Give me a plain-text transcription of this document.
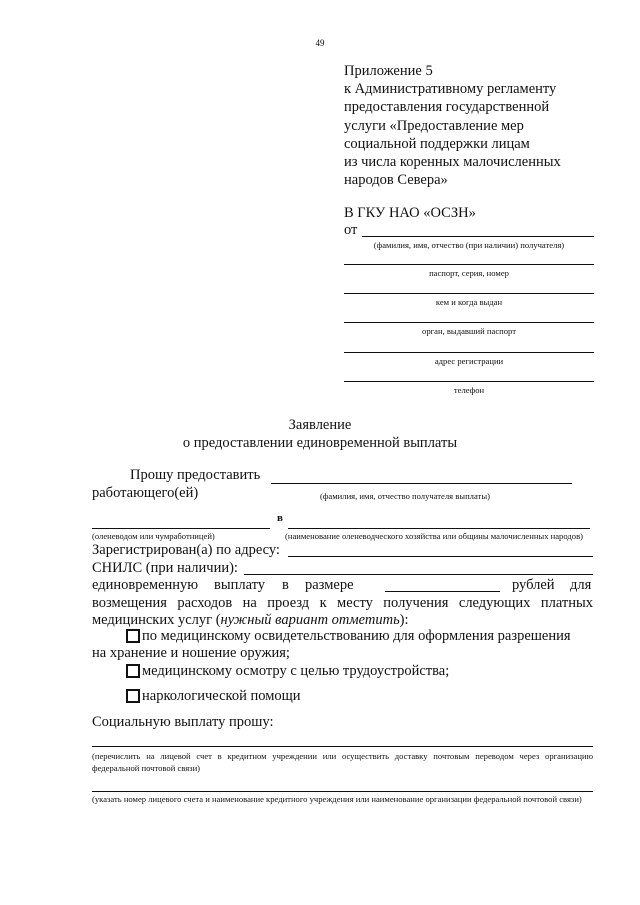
49
Приложение 5
к Административному регламенту
предоставления государственной
услуги «Предоставление мер
социальной поддержки лицам
из числа коренных малочисленных
народов Севера»
В ГКУ НАО «ОСЗН»
от
(фамилия, имя, отчество (при наличии) получателя)
паспорт, серия, номер
кем и когда выдан
орган, выдавший паспорт
адрес регистрации
телефон
Заявление
о предоставлении единовременной выплаты
Прошу предоставить
работающего(ей)	(фамилия, имя, отчество получателя выплаты)
в
(оленеводом или чумработницей)	(наименование оленеводческого хозяйства или общины малочисленных народов)
Зарегистрирован(а) по адресу:
СНИЛС (при наличии):
единовременную выплату в размере	рублей для
возмещения расходов на проезд к месту получения следующих платных
медицинских услуг (нужный вариант отметить):
по медицинскому освидетельствованию для оформления разрешения
на хранение и ношение оружия;
медицинскому осмотру с целью трудоустройства;
наркологической помощи
Социальную выплату прошу:
(перечислить на лицевой счет в кредитном учреждении или осуществить доставку почтовым переводом через организацию федеральной почтовой связи)
(указать номер лицевого счета и наименование кредитного учреждения или наименование организации федеральной почтовой связи)
